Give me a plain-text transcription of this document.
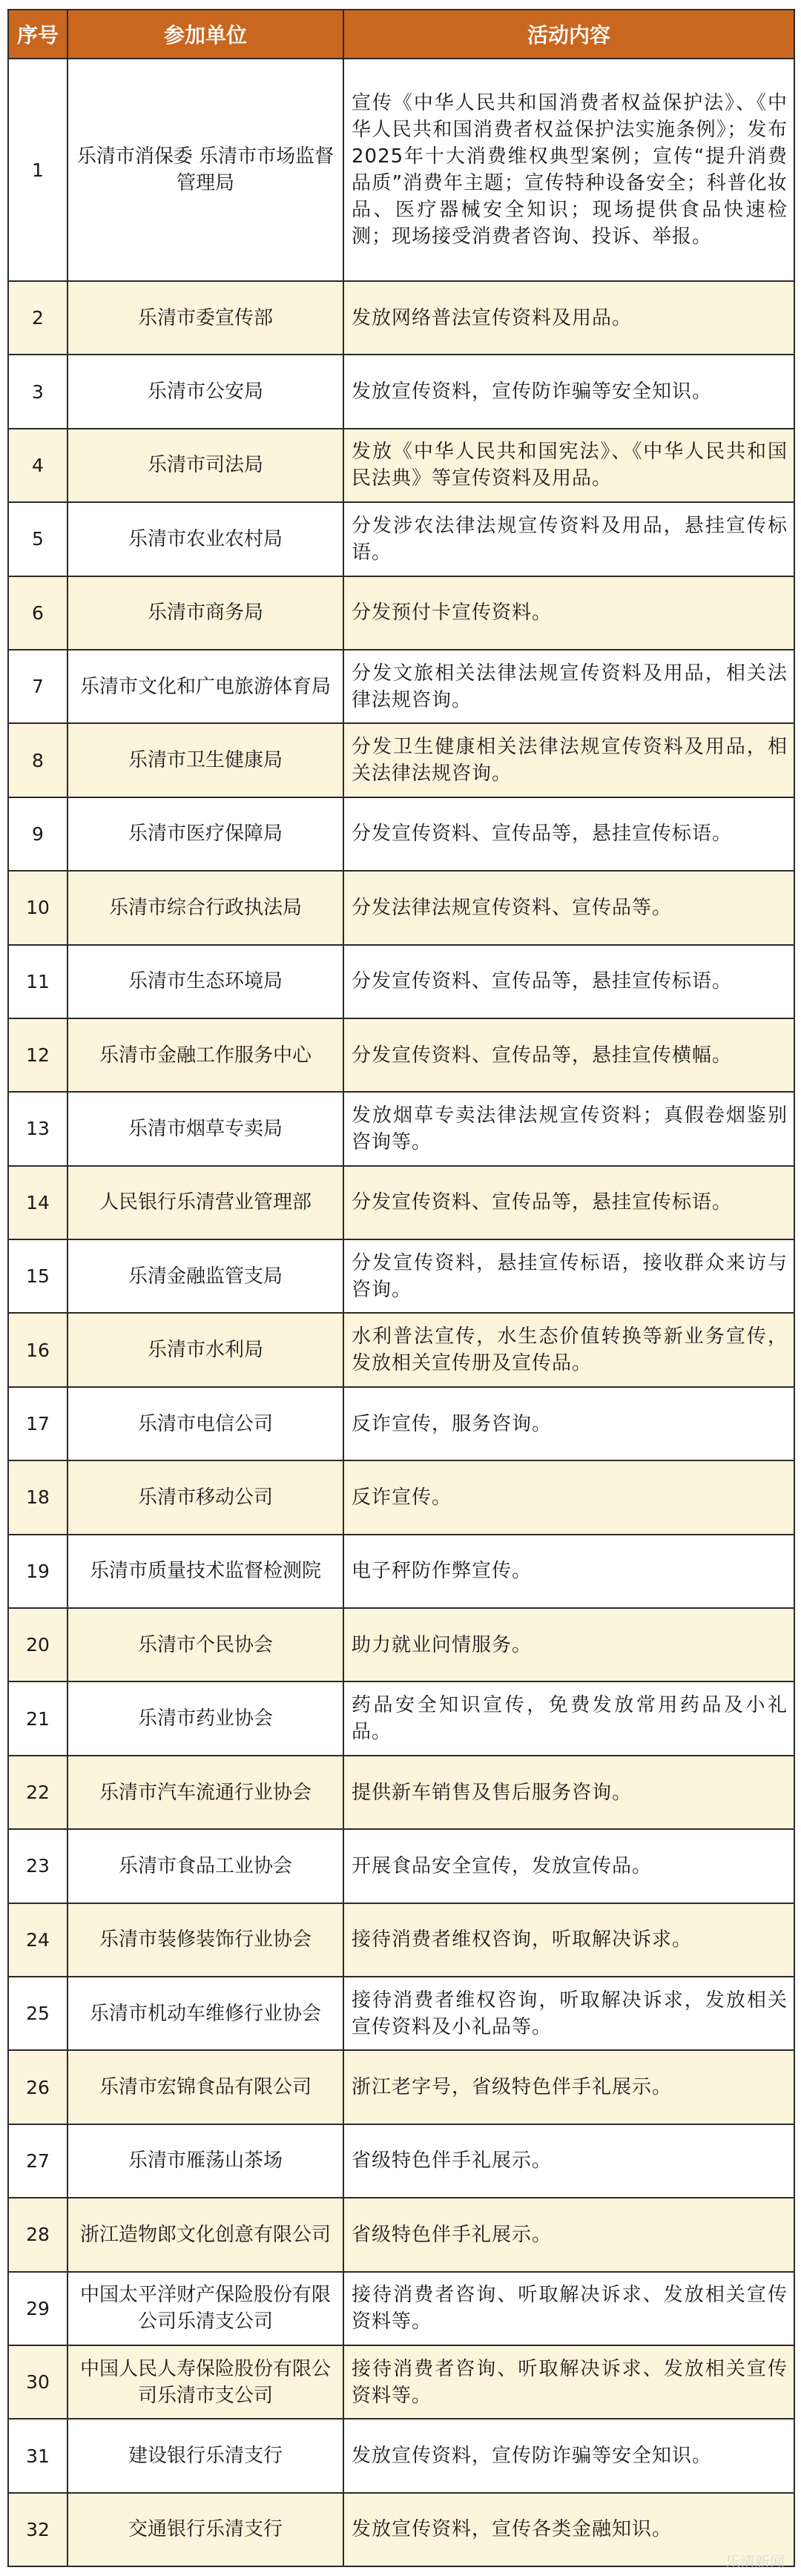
序号	参加单位	活动内容
1	乐清市消保委 乐清市市场监督管理局	宣传《中华人民共和国消费者权益保护法》、《中华人民共和国消费者权益保护法实施条例》；发布2025年十大消费维权典型案例；宣传“提升消费品质”消费年主题；宣传特种设备安全；科普化妆品、医疗器械安全知识；现场提供食品快速检测；现场接受消费者咨询、投诉、举报。
2	乐清市委宣传部	发放网络普法宣传资料及用品。
3	乐清市公安局	发放宣传资料，宣传防诈骗等安全知识。
4	乐清市司法局	发放《中华人民共和国宪法》、《中华人民共和国民法典》等宣传资料及用品。
5	乐清市农业农村局	分发涉农法律法规宣传资料及用品，悬挂宣传标语。
6	乐清市商务局	分发预付卡宣传资料。
7	乐清市文化和广电旅游体育局	分发文旅相关法律法规宣传资料及用品，相关法律法规咨询。
8	乐清市卫生健康局	分发卫生健康相关法律法规宣传资料及用品，相关法律法规咨询。
9	乐清市医疗保障局	分发宣传资料、宣传品等，悬挂宣传标语。
10	乐清市综合行政执法局	分发法律法规宣传资料、宣传品等。
11	乐清市生态环境局	分发宣传资料、宣传品等，悬挂宣传标语。
12	乐清市金融工作服务中心	分发宣传资料、宣传品等，悬挂宣传横幅。
13	乐清市烟草专卖局	发放烟草专卖法律法规宣传资料；真假卷烟鉴别咨询等。
14	人民银行乐清营业管理部	分发宣传资料、宣传品等，悬挂宣传标语。
15	乐清金融监管支局	分发宣传资料，悬挂宣传标语，接收群众来访与咨询。
16	乐清市水利局	水利普法宣传，水生态价值转换等新业务宣传，发放相关宣传册及宣传品。
17	乐清市电信公司	反诈宣传，服务咨询。
18	乐清市移动公司	反诈宣传。
19	乐清市质量技术监督检测院	电子秤防作弊宣传。
20	乐清市个民协会	助力就业问情服务。
21	乐清市药业协会	药品安全知识宣传，免费发放常用药品及小礼品。
22	乐清市汽车流通行业协会	提供新车销售及售后服务咨询。
23	乐清市食品工业协会	开展食品安全宣传，发放宣传品。
24	乐清市装修装饰行业协会	接待消费者维权咨询，听取解决诉求。
25	乐清市机动车维修行业协会	接待消费者维权咨询，听取解决诉求，发放相关宣传资料及小礼品等。
26	乐清市宏锦食品有限公司	浙江老字号，省级特色伴手礼展示。
27	乐清市雁荡山茶场	省级特色伴手礼展示。
28	浙江造物郎文化创意有限公司	省级特色伴手礼展示。
29	中国太平洋财产保险股份有限公司乐清支公司	接待消费者咨询、听取解决诉求、发放相关宣传资料等。
30	中国人民人寿保险股份有限公司乐清市支公司	接待消费者咨询、听取解决诉求、发放相关宣传资料等。
31	建设银行乐清支行	发放宣传资料，宣传防诈骗等安全知识。
32	交通银行乐清支行	发放宣传资料，宣传各类金融知识。
乐清新闻
